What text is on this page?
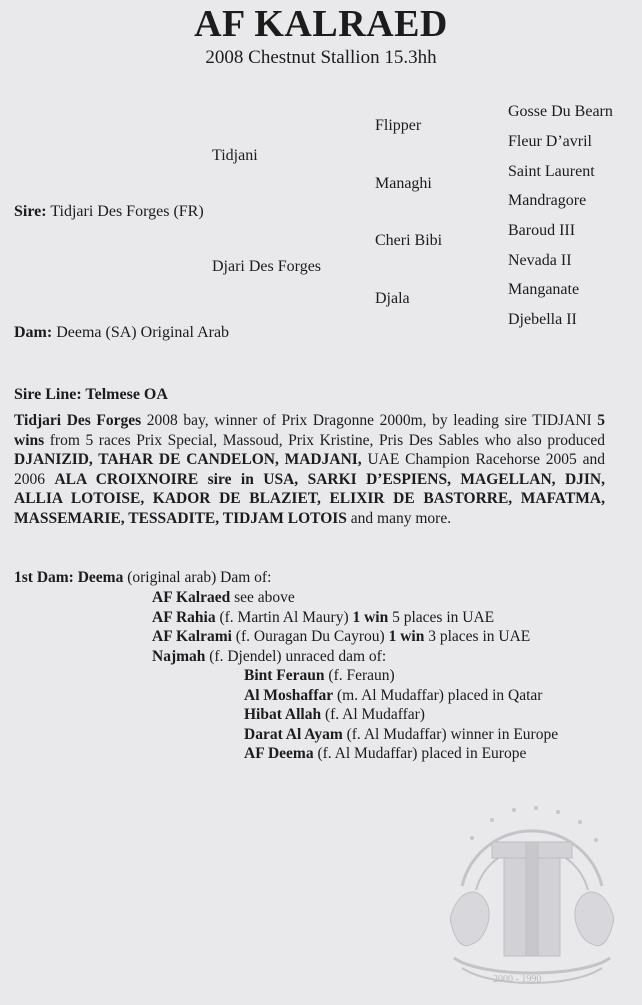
AF KALRAED
2008 Chestnut Stallion 15.3hh
Sire: Tidjari Des Forges (FR)
Dam: Deema (SA) Original Arab
Tidjani
Djari Des Forges
Flipper
Managhi
Cheri Bibi
Djala
Gosse Du Bearn
Fleur D’avril
Saint Laurent
Mandragore
Baroud III
Nevada II
Manganate
Djebella II
Sire Line: Telmese OA
Tidjari Des Forges 2008 bay, winner of Prix Dragonne 2000m, by leading sire TIDJANI 5 wins from 5 races Prix Special, Massoud, Prix Kristine, Pris Des Sables who also produced DJANIZID, TAHAR DE CANDELON, MADJANI, UAE Champion Racehorse 2005 and 2006 ALA CROIXNOIRE sire in USA, SARKI D’ESPIENS, MAGELLAN, DJIN, ALLIA LOTOISE, KADOR DE BLAZIET, ELIXIR DE BASTORRE, MAFATMA, MASSEMARIE, TESSADITE, TIDJAM LOTOIS and many more.
1st Dam: Deema (original arab) Dam of:
AF Kalraed see above
AF Rahia (f. Martin Al Maury) 1 win 5 places in UAE
AF Kalrami (f. Ouragan Du Cayrou) 1 win 3 places in UAE
Najmah (f. Djendel) unraced dam of:
Bint Feraun (f. Feraun)
Al Moshaffar (m. Al Mudaffar) placed in Qatar
Hibat Allah (f. Al Mudaffar)
Darat Al Ayam (f. Al Mudaffar) winner in Europe
AF Deema (f. Al Mudaffar) placed in Europe
2000 - 1990
